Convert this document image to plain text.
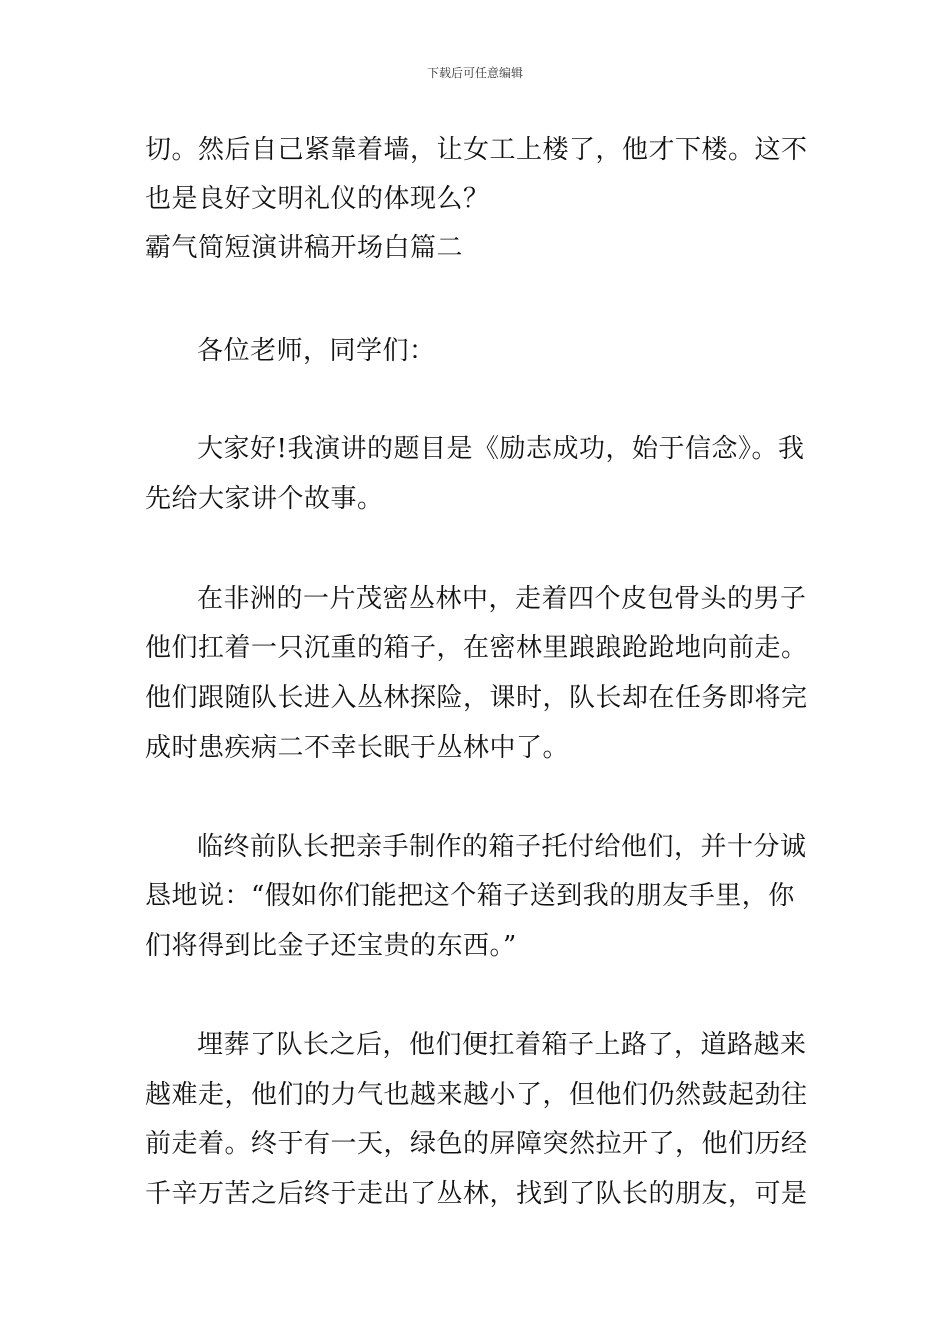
下载后可任意编辑
切。然后自己紧靠着墙，让女工上楼了，他才下楼。这不
也是良好文明礼仪的体现么？
霸气简短演讲稿开场白篇二
各位老师，同学们：
大家好!我演讲的题目是《励志成功，始于信念》。我
先给大家讲个故事。
在非洲的一片茂密丛林中，走着四个皮包骨头的男子
他们扛着一只沉重的箱子，在密林里踉踉跄跄地向前走。
他们跟随队长进入丛林探险，课时，队长却在任务即将完
成时患疾病二不幸长眠于丛林中了。
临终前队长把亲手制作的箱子托付给他们，并十分诚
恳地说：“假如你们能把这个箱子送到我的朋友手里，你
们将得到比金子还宝贵的东西。”
埋葬了队长之后，他们便扛着箱子上路了，道路越来
越难走，他们的力气也越来越小了，但他们仍然鼓起劲往
前走着。终于有一天，绿色的屏障突然拉开了，他们历经
千辛万苦之后终于走出了丛林，找到了队长的朋友，可是
